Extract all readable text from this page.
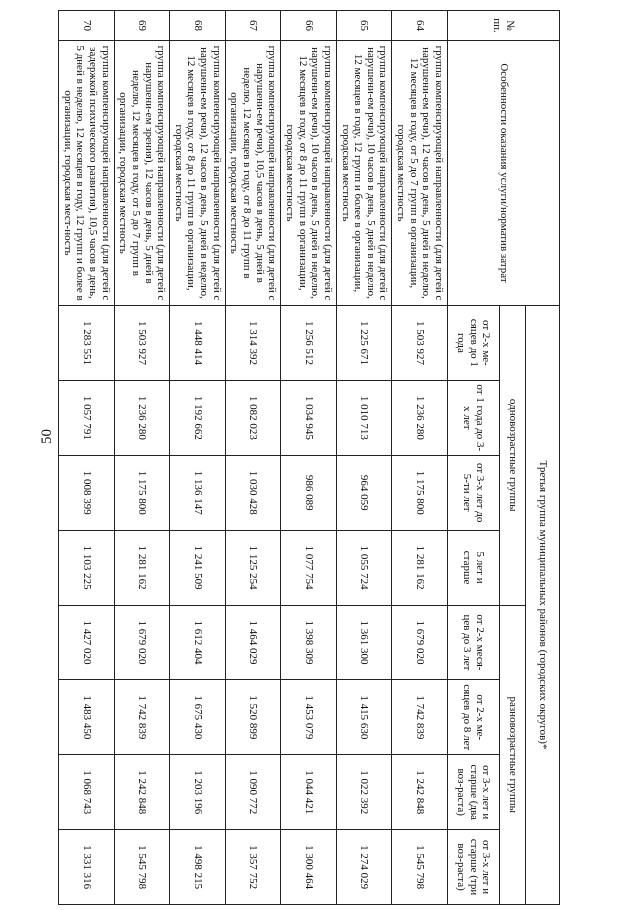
50
№ пп.	Особенности оказания услуги/норматив затрат	Третья группа муниципальных районов (городских округов)*							
		одновозрастные группы				разновозрастные группы			
		от 2-х ме-сяцев до 1 года	от 1 года до 3-х лет	от 3-х лет до 5-ти лет	5 лет и старше	от 2-х меся-цев до 3 лет	от 2-х ме-сяцев до 8 лет	от 3-х лет и старше (два воз-раста)	от 3-х лет и старше (три воз-раста)
64	группа компенсирующей направленности (для детей с нарушени-ем речи), 12 часов в день, 5 дней в неделю, 12 месяцев в году, от 5 до 7 групп в организации, городская местность	1 503 927	1 236 280	1 175 800	1 281 162	1 679 020	1 742 839	1 242 848	1 545 798
65	группа компенсирующей направленности (для детей с нарушени-ем речи), 10 часов в день, 5 дней в неделю, 12 месяцев в году, 12 групп и более в организации, городская местность	1 225 671	1 010 713	964 059	1 055 724	1 361 300	1 415 630	1 022 392	1 274 029
66	группа компенсирующей направленности (для детей с нарушени-ем речи), 10 часов в день, 5 дней в неделю, 12 месяцев в году, от 8 до 11 групп в организации, городская местность	1 256 512	1 034 945	986 089	1 077 754	1 398 309	1 453 079	1 044 421	1 300 464
67	группа компенсирующей направленности (для детей с нарушени-ем речи), 10,5 часов в день, 5 дней в неделю, 12 месяцев в году, от 8 до 11 групп в организации, городская местность	1 314 392	1 082 023	1 030 428	1 125 254	1 464 029	1 520 899	1 090 772	1 357 752
68	группа компенсирующей направленности (для детей с нарушени-ем речи), 12 часов в день, 5 дней в неделю, 12 месяцев в году, от 8 до 11 групп в организации, городская местность	1 448 414	1 192 662	1 136 147	1 241 509	1 612 404	1 675 430	1 203 196	1 498 215
69	группа компенсирующей направленности (для детей с нарушени-ем зрения), 12 часов в день, 5 дней в неделю, 12 месяцев в году, от 5 до 7 групп в организации, городская местность	1 503 927	1 236 280	1 175 800	1 281 162	1 679 020	1 742 839	1 242 848	1 545 798
70	группа компенсирующей направленности (для детей с задержкой психического развития), 10,5 часов в день, 5 дней в неделю, 12 месяцев в году, 12 групп и более в организации, городская мест-ность	1 283 551	1 057 791	1 008 399	1 103 225	1 427 020	1 483 450	1 068 743	1 331 316
